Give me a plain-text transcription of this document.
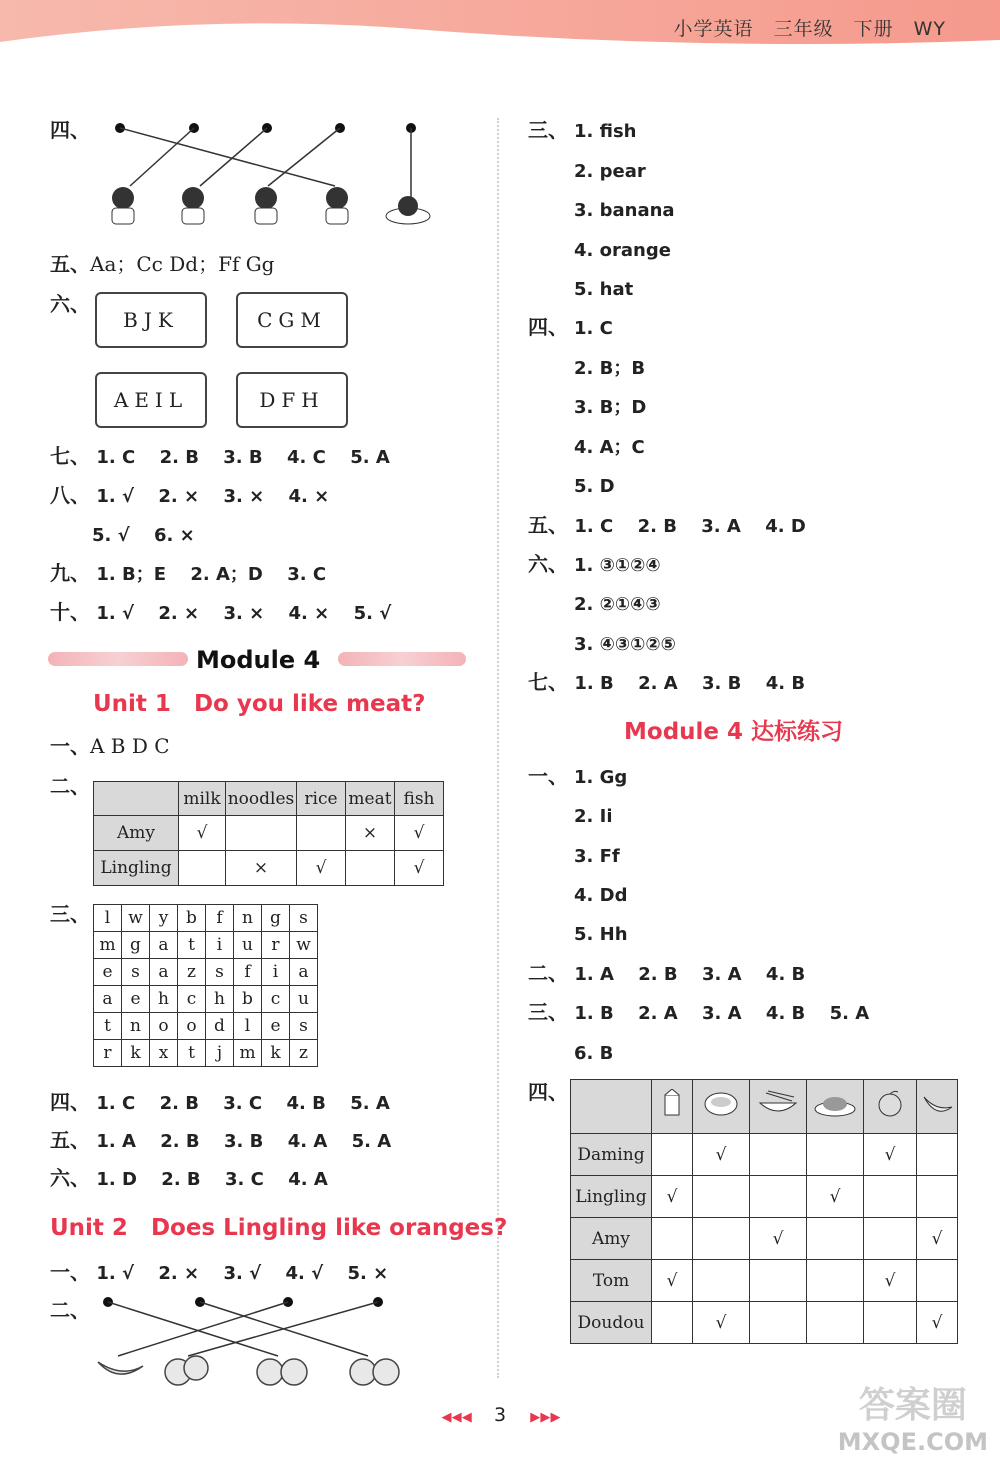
小学英语 三年级 下册 WY
四、
五、Aa；Cc Dd；Ff Gg
六、
BJK	CGM
AEIL	DFH
七、 1. C 2. B 3. B 4. C 5. A
八、 1. √ 2. × 3. × 4. ×
5. √ 6. ×
九、 1. B；E 2. A；D 3. C
十、 1. √ 2. × 3. × 4. × 5. √
Module 4
Unit 1　Do you like meat?
一、A B D C
二、
	milk	noodles	rice	meat	fish
Amy	√			×	√
Lingling		×	√		√
三、 l	w	y	b	f	n	g	s
m	g	a	t	i	u	r	w
e	s	a	z	s	f	i	a
a	e	h	c	h	b	c	u
t	n	o	o	d	l	e	s
r	k	x	t	j	m	k	z
四、 1. C 2. B 3. C 4. B 5. A
五、 1. A 2. B 3. B 4. A 5. A
六、 1. D 2. B 3. C 4. A
Unit 2　Does Lingling like oranges?
一、 1. √ 2. × 3. √ 4. √ 5. ×
二、
三、 1. fish
2. pear
3. banana
4. orange
5. hat
四、 1. C
2. B；B
3. B；D
4. A；C
5. D
五、 1. C 2. B 3. A 4. D
六、 1. ③①②④
2. ②①④③
3. ④③①②⑤
七、 1. B 2. A 3. B 4. B
Module 4 达标练习
一、 1. Gg
2. Ii
3. Ff
4. Dd
5. Hh
二、 1. A 2. B 3. A 4. B
三、 1. B 2. A 3. A 4. B 5. A
6. B
四、

Daming		√			√	
Lingling	√			√		
Amy			√			√
Tom	√				√	
Doudou		√				√
◀ ◀ ◀ 3 ▶ ▶ ▶	答案圈
MXQE.COM
